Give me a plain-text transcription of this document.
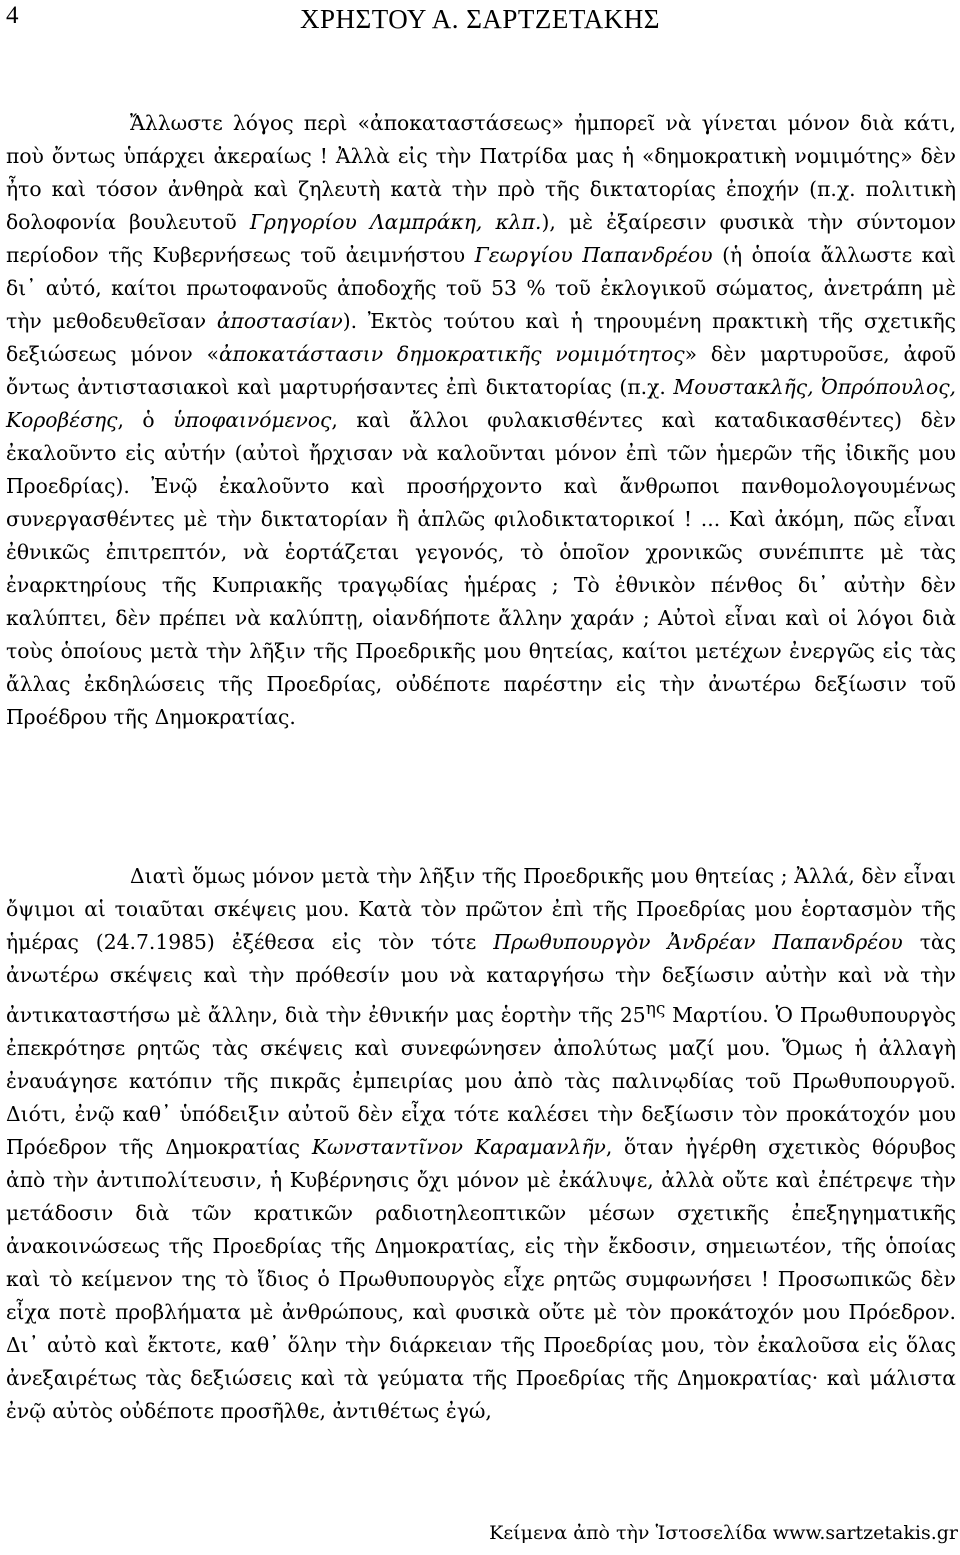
4	ΧΡΗΣΤΟΥ Α. ΣΑΡΤΖΕΤΑΚΗΣ

Ἄλλωστε λόγος περὶ «ἀποκαταστάσεως» ἠμπορεῖ νὰ γίνεται μόνον διὰ κάτι, ποὺ ὄντως ὑπάρχει ἀκεραίως ! Ἀλλὰ εἰς τὴν Πατρίδα μας ἡ «δημοκρατικὴ νομιμότης» δὲν ἦτο καὶ τόσον ἀνθηρὰ καὶ ζηλευτὴ κατὰ τὴν πρὸ τῆς δικτατορίας ἐποχήν (π.χ. πολιτικὴ δολοφονία βουλευτοῦ Γρηγορίου Λαμπράκη, κλπ.), μὲ ἐξαίρεσιν φυσικὰ τὴν σύντομον περίοδον τῆς Κυβερνήσεως τοῦ ἀειμνήστου Γεωργίου Παπανδρέου (ἡ ὁποία ἄλλωστε καὶ δι᾽ αὐτό, καίτοι πρωτοφανοῦς ἀποδοχῆς τοῦ 53 % τοῦ ἐκλογικοῦ σώματος, ἀνετράπη μὲ τὴν μεθοδευθεῖσαν ἀποστασίαν). Ἐκτὸς τούτου καὶ ἡ τηρουμένη πρακτικὴ τῆς σχετικῆς δεξιώσεως μόνον «ἀποκατάστασιν δημοκρατικῆς νομιμότητος» δὲν μαρτυροῦσε, ἀφοῦ ὄντως ἀντιστασιακοὶ καὶ μαρτυρήσαντες ἐπὶ δικτατορίας (π.χ. Μουστακλῆς, Ὀπρόπουλος, Κοροβέσης, ὁ ὑποφαινόμενος, καὶ ἄλλοι φυλακισθέντες καὶ καταδικασθέντες) δὲν ἐκαλοῦντο εἰς αὐτήν (αὐτοὶ ἤρχισαν νὰ καλοῦνται μόνον ἐπὶ τῶν ἡμερῶν τῆς ἰδικῆς μου Προεδρίας). Ἐνῷ ἐκαλοῦντο καὶ προσήρχοντο καὶ ἄνθρωποι πανθομολογουμένως συνεργασθέντες μὲ τὴν δικτατορίαν ἢ ἁπλῶς φιλοδικτατορικοί ! ... Καὶ ἀκόμη, πῶς εἶναι ἐθνικῶς ἐπιτρεπτόν, νὰ ἑορτάζεται γεγονός, τὸ ὁποῖον χρονικῶς συνέπιπτε μὲ τὰς ἐναρκτηρίους τῆς Κυπριακῆς τραγῳδίας ἡμέρας ; Τὸ ἐθνικὸν πένθος δι᾽ αὐτὴν δὲν καλύπτει, δὲν πρέπει νὰ καλύπτῃ, οἱανδήποτε ἄλλην χαράν ; Αὐτοὶ εἶναι καὶ οἱ λόγοι διὰ τοὺς ὁποίους μετὰ τὴν λῆξιν τῆς Προεδρικῆς μου θητείας, καίτοι μετέχων ἐνεργῶς εἰς τὰς ἄλλας ἐκδηλώσεις τῆς Προεδρίας, οὐδέποτε παρέστην εἰς τὴν ἀνωτέρω δεξίωσιν τοῦ Προέδρου τῆς Δημοκρατίας.

Διατὶ ὅμως μόνον μετὰ τὴν λῆξιν τῆς Προεδρικῆς μου θητείας ; Ἀλλά, δὲν εἶναι ὄψιμοι αἱ τοιαῦται σκέψεις μου. Κατὰ τὸν πρῶτον ἐπὶ τῆς Προεδρίας μου ἑορτασμὸν τῆς ἡμέρας (24.7.1985) ἐξέθεσα εἰς τὸν τότε Πρωθυπουργὸν Ἀνδρέαν Παπανδρέου τὰς ἀνωτέρω σκέψεις καὶ τὴν πρόθεσίν μου νὰ καταργήσω τὴν δεξίωσιν αὐτὴν καὶ νὰ τὴν ἀντικαταστήσω μὲ ἄλλην, διὰ τὴν ἐθνικήν μας ἑορτὴν τῆς $25^{\eta\varsigma}$ Μαρτίου. Ὁ Πρωθυπουργὸς ἐπεκρότησε ρητῶς τὰς σκέψεις καὶ συνεφώνησεν ἀπολύτως μαζί μου. Ὅμως ἡ ἀλλαγὴ ἐναυάγησε κατόπιν τῆς πικρᾶς ἐμπειρίας μου ἀπὸ τὰς παλινῳδίας τοῦ Πρωθυπουργοῦ. Διότι, ἐνῷ καθ᾽ ὑπόδειξιν αὐτοῦ δὲν εἶχα τότε καλέσει τὴν δεξίωσιν τὸν προκάτοχόν μου Πρόεδρον τῆς Δημοκρατίας Κωνσταντῖνον Καραμανλῆν, ὅταν ἠγέρθη σχετικὸς θόρυβος ἀπὸ τὴν ἀντιπολίτευσιν, ἡ Κυβέρνησις ὄχι μόνον μὲ ἐκάλυψε, ἀλλὰ οὔτε καὶ ἐπέτρεψε τὴν μετάδοσιν διὰ τῶν κρατικῶν ραδιοτηλεοπτικῶν μέσων σχετικῆς ἐπεξηγηματικῆς ἀνακοινώσεως τῆς Προεδρίας τῆς Δημοκρατίας, εἰς τὴν ἔκδοσιν, σημειωτέον, τῆς ὁποίας καὶ τὸ κείμενον της τὸ ἴδιος ὁ Πρωθυπουργὸς εἶχε ρητῶς συμφωνήσει ! Προσωπικῶς δὲν εἶχα ποτὲ προβλήματα μὲ ἀνθρώπους, καὶ φυσικὰ οὔτε μὲ τὸν προκάτοχόν μου Πρόεδρον. Δι᾽ αὐτὸ καὶ ἔκτοτε, καθ᾽ ὅλην τὴν διάρκειαν τῆς Προεδρίας μου, τὸν ἐκαλοῦσα εἰς ὅλας ἀνεξαιρέτως τὰς δεξιώσεις καὶ τὰ γεύματα τῆς Προεδρίας τῆς Δημοκρατίας· καὶ μάλιστα ἐνῷ αὐτὸς οὐδέποτε προσῆλθε, ἀντιθέτως ἐγώ,

Κείμενα ἀπὸ τὴν Ἱστοσελίδα www.sartzetakis.gr
